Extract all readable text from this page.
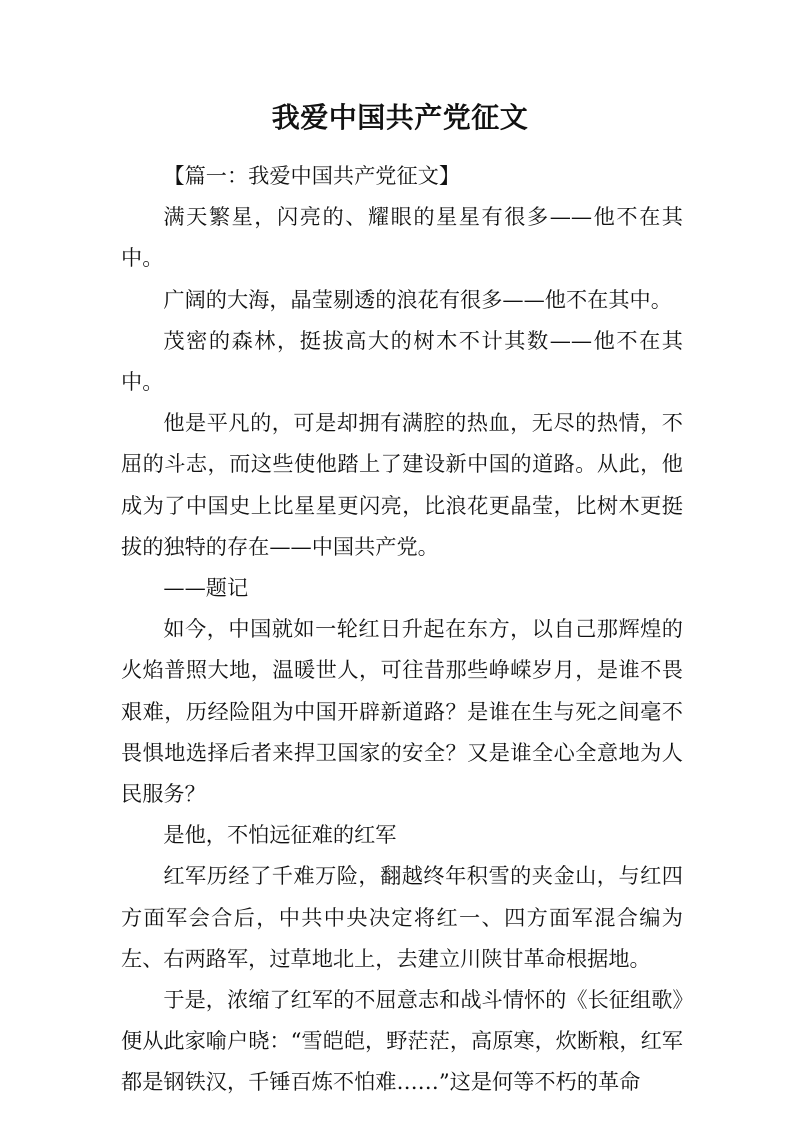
我爱中国共产党征文

【篇一：我爱中国共产党征文】

满天繁星，闪亮的、耀眼的星星有很多——他不在其中。

广阔的大海，晶莹剔透的浪花有很多——他不在其中。

茂密的森林，挺拔高大的树木不计其数——他不在其中。

他是平凡的，可是却拥有满腔的热血，无尽的热情，不屈的斗志，而这些使他踏上了建设新中国的道路。从此，他成为了中国史上比星星更闪亮，比浪花更晶莹，比树木更挺拔的独特的存在——中国共产党。

——题记

如今，中国就如一轮红日升起在东方，以自己那辉煌的火焰普照大地，温暖世人，可往昔那些峥嵘岁月，是谁不畏艰难，历经险阻为中国开辟新道路？是谁在生与死之间毫不畏惧地选择后者来捍卫国家的安全？又是谁全心全意地为人民服务？

是他，不怕远征难的红军

红军历经了千难万险，翻越终年积雪的夹金山，与红四方面军会合后，中共中央决定将红一、四方面军混合编为左、右两路军，过草地北上，去建立川陕甘革命根据地。

于是，浓缩了红军的不屈意志和战斗情怀的《长征组歌》便从此家喻户晓：“雪皑皑，野茫茫，高原寒，炊断粮，红军都是钢铁汉，千锤百炼不怕难……”这是何等不朽的革命
